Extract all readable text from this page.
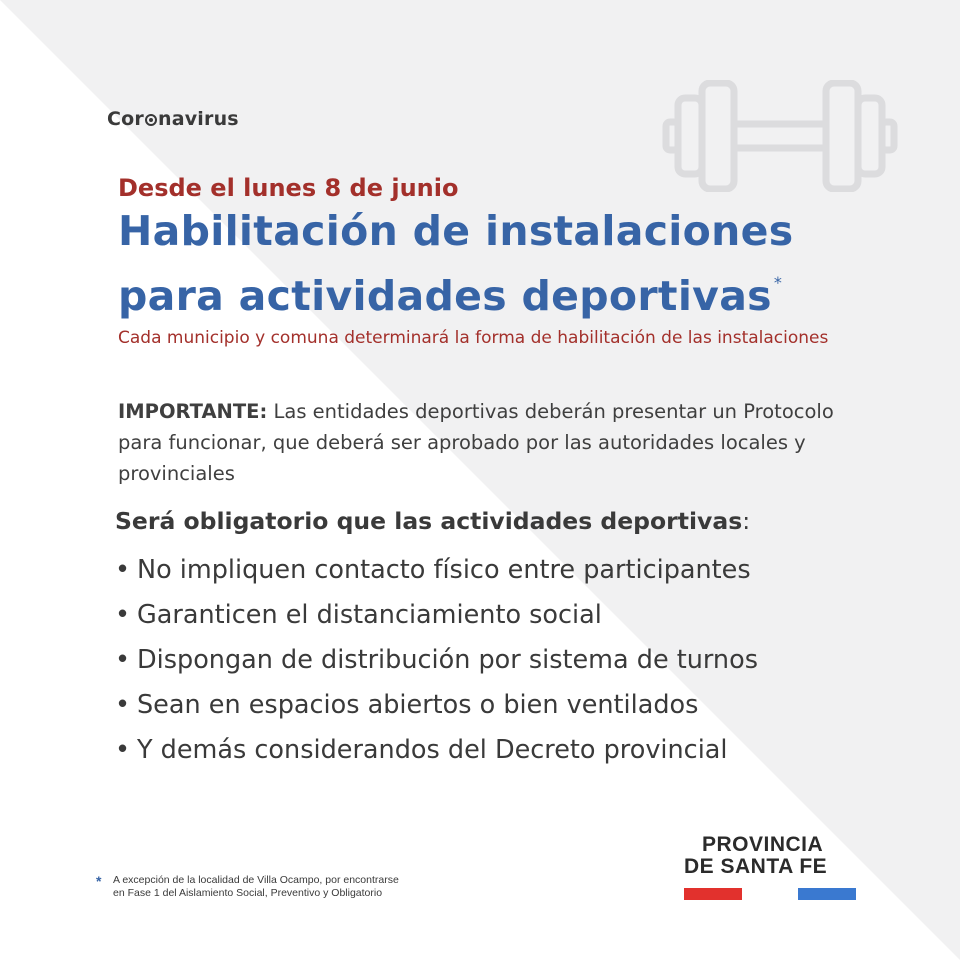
Cor navirus
Desde el lunes 8 de junio
Habilitación de instalaciones
para actividades deportivas *
Cada municipio y comuna determinará la forma de habilitación de las instalaciones
IMPORTANTE: Las entidades deportivas deberán presentar un Protocolo para funcionar, que deberá ser aprobado por las autoridades locales y provinciales
Será obligatorio que las actividades deportivas:
• No impliquen contacto físico entre participantes
• Garanticen el distanciamiento social
• Dispongan de distribución por sistema de turnos
• Sean en espacios abiertos o bien ventilados
• Y demás considerandos del Decreto provincial
* A excepción de la localidad de Villa Ocampo, por encontrarse
en Fase 1 del Aislamiento Social, Preventivo y Obligatorio
PROVINCIA
DE SANTA FE
